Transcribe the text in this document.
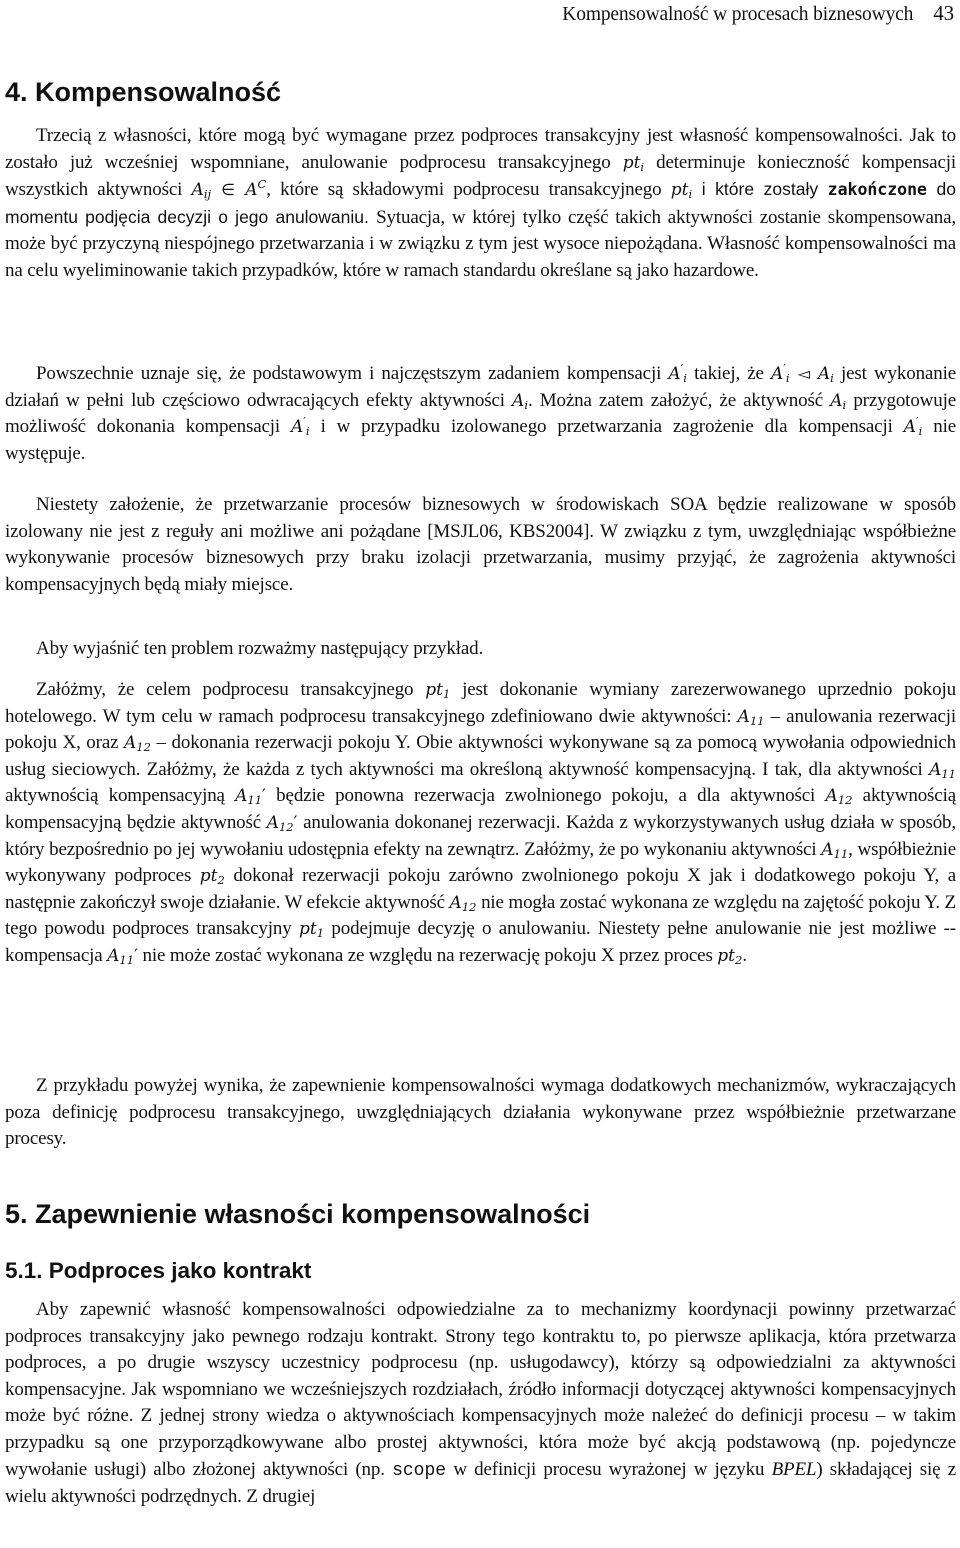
Kompensowalność w procesach biznesowych 43
4. Kompensowalność

Trzecią z własności, które mogą być wymagane przez podproces transakcyjny jest własność kompensowalności. Jak to zostało już wcześniej wspomniane, anulowanie podprocesu transakcyjnego $pt_i$ determinuje konieczność kompensacji wszystkich aktywności $A_{ij}$ ∈ $A^C$, które są składowymi podprocesu transakcyjnego $pt_i$ i które zostały zakończone do momentu podjęcia decyzji o jego anulowaniu. Sytuacja, w której tylko część takich aktywności zostanie skompensowana, może być przyczyną niespójnego przetwarzania i w związku z tym jest wysoce niepożądana. Własność kompensowalności ma na celu wyeliminowanie takich przypadków, które w ramach standardu określane są jako hazardowe.

Powszechnie uznaje się, że podstawowym i najczęstszym zadaniem kompensacji $A'_i$ takiej, że $A'_i$ ◅ $A_i$ jest wykonanie działań w pełni lub częściowo odwracających efekty aktywności $A_i$. Można zatem założyć, że aktywność $A_i$ przygotowuje możliwość dokonania kompensacji $A'_i$ i w przypadku izolowanego przetwarzania zagrożenie dla kompensacji $A'_i$ nie występuje.

Niestety założenie, że przetwarzanie procesów biznesowych w środowiskach SOA będzie realizowane w sposób izolowany nie jest z reguły ani możliwe ani pożądane [MSJL06, KBS2004]. W związku z tym, uwzględniając współbieżne wykonywanie procesów biznesowych przy braku izolacji przetwarzania, musimy przyjąć, że zagrożenia aktywności kompensacyjnych będą miały miejsce.

Aby wyjaśnić ten problem rozważmy następujący przykład.

Załóżmy, że celem podprocesu transakcyjnego $pt_1$ jest dokonanie wymiany zarezerwowanego uprzednio pokoju hotelowego. W tym celu w ramach podprocesu transakcyjnego zdefiniowano dwie aktywności: $A_{11}$ – anulowania rezerwacji pokoju X, oraz $A_{12}$ – dokonania rezerwacji pokoju Y. Obie aktywności wykonywane są za pomocą wywołania odpowiednich usług sieciowych. Załóżmy, że każda z tych aktywności ma określoną aktywność kompensacyjną. I tak, dla aktywności $A_{11}$ aktywnością kompensacyjną $A_{11}'$ będzie ponowna rezerwacja zwolnionego pokoju, a dla aktywności $A_{12}$ aktywnością kompensacyjną będzie aktywność $A_{12}'$ anulowania dokonanej rezerwacji. Każda z wykorzystywanych usług działa w sposób, który bezpośrednio po jej wywołaniu udostępnia efekty na zewnątrz. Załóżmy, że po wykonaniu aktywności $A_{11}$, współbieżnie wykonywany podproces $pt_2$ dokonał rezerwacji pokoju zarówno zwolnionego pokoju X jak i dodatkowego pokoju Y, a następnie zakończył swoje działanie. W efekcie aktywność $A_{12}$ nie mogła zostać wykonana ze względu na zajętość pokoju Y. Z tego powodu podproces transakcyjny $pt_1$ podejmuje decyzję o anulowaniu. Niestety pełne anulowanie nie jest możliwe -- kompensacja $A_{11}'$ nie może zostać wykonana ze względu na rezerwację pokoju X przez proces $pt_2$.

Z przykładu powyżej wynika, że zapewnienie kompensowalności wymaga dodatkowych mechanizmów, wykraczających poza definicję podprocesu transakcyjnego, uwzględniających działania wykonywane przez współbieżnie przetwarzane procesy.

5. Zapewnienie własności kompensowalności
5.1. Podproces jako kontrakt

Aby zapewnić własność kompensowalności odpowiedzialne za to mechanizmy koordynacji powinny przetwarzać podproces transakcyjny jako pewnego rodzaju kontrakt. Strony tego kontraktu to, po pierwsze aplikacja, która przetwarza podproces, a po drugie wszyscy uczestnicy podprocesu (np. usługodawcy), którzy są odpowiedzialni za aktywności kompensacyjne. Jak wspomniano we wcześniejszych rozdziałach, źródło informacji dotyczącej aktywności kompensacyjnych może być różne. Z jednej strony wiedza o aktywnościach kompensacyjnych może należeć do definicji procesu – w takim przypadku są one przyporządkowywane albo prostej aktywności, która może być akcją podstawową (np. pojedyncze wywołanie usługi) albo złożonej aktywności (np. scope w definicji procesu wyrażonej w języku BPEL) składającej się z wielu aktywności podrzędnych. Z drugiej
